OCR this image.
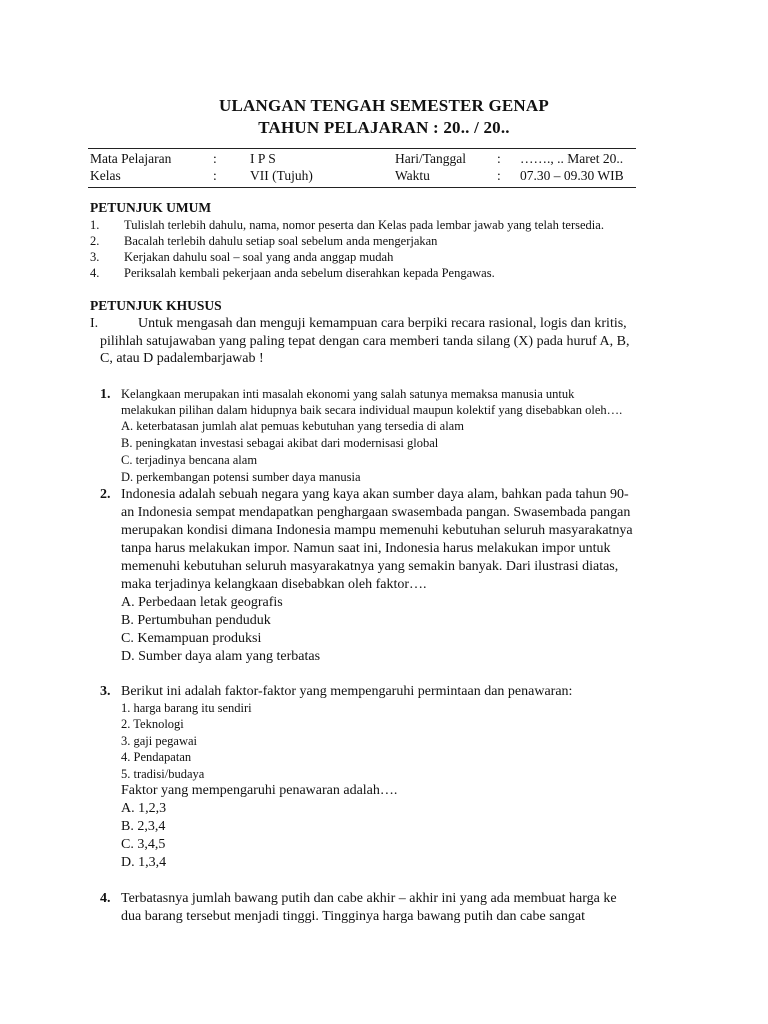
ULANGAN TENGAH SEMESTER GENAP
TAHUN PELAJARAN : 20.. / 20..
Mata Pelajaran	: I P S	Hari/Tanggal : ……., .. Maret 20..
Kelas	: VII (Tujuh)	Waktu	: 07.30 – 09.30 WIB
PETUNJUK UMUM
1. Tulislah terlebih dahulu, nama, nomor peserta dan Kelas pada lembar jawab yang telah tersedia.
2. Bacalah terlebih dahulu setiap soal sebelum anda mengerjakan
3. Kerjakan dahulu soal – soal yang anda anggap mudah
4. Periksalah kembali pekerjaan anda sebelum diserahkan kepada Pengawas.
PETUNJUK KHUSUS
I.	Untuk mengasah dan menguji kemampuan cara berpiki recara rasional, logis dan kritis,
pilihlah satujawaban yang paling tepat dengan cara memberi tanda silang (X) pada huruf A, B,
C, atau D padalembarjawab !
1. Kelangkaan merupakan inti masalah ekonomi yang salah satunya memaksa manusia untuk
melakukan pilihan dalam hidupnya baik secara individual maupun kolektif yang disebabkan oleh….
A. keterbatasan jumlah alat pemuas kebutuhan yang tersedia di alam
B. peningkatan investasi sebagai akibat dari modernisasi global
C. terjadinya bencana alam
D. perkembangan potensi sumber daya manusia
2. Indonesia adalah sebuah negara yang kaya akan sumber daya alam, bahkan pada tahun 90-
an Indonesia sempat mendapatkan penghargaan swasembada pangan. Swasembada pangan
merupakan kondisi dimana Indonesia mampu memenuhi kebutuhan seluruh masyarakatnya
tanpa harus melakukan impor. Namun saat ini, Indonesia harus melakukan impor untuk
memenuhi kebutuhan seluruh masyarakatnya yang semakin banyak. Dari ilustrasi diatas,
maka terjadinya kelangkaan disebabkan oleh faktor….
A. Perbedaan letak geografis
B. Pertumbuhan penduduk
C. Kemampuan produksi
D. Sumber daya alam yang terbatas
3. Berikut ini adalah faktor-faktor yang mempengaruhi permintaan dan penawaran:
1. harga barang itu sendiri
2. Teknologi
3. gaji pegawai
4. Pendapatan
5. tradisi/budaya
Faktor yang mempengaruhi penawaran adalah….
A. 1,2,3
B. 2,3,4
C. 3,4,5
D. 1,3,4
4. Terbatasnya jumlah bawang putih dan cabe akhir – akhir ini yang ada membuat harga ke
dua barang tersebut menjadi tinggi. Tingginya harga bawang putih dan cabe sangat
